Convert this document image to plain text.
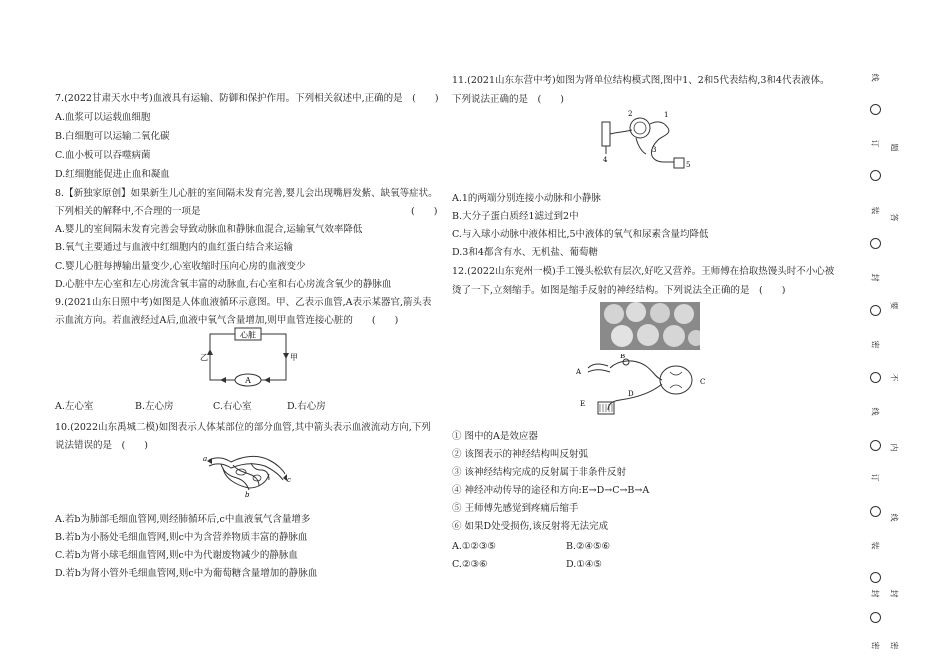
7.(2022甘肃天水中考)血液具有运输、防御和保护作用。下列相关叙述中,正确的是　(　　)
A.血浆可以运载血细胞
B.白细胞可以运输二氧化碳
C.血小板可以吞噬病菌
D.红细胞能促进止血和凝血
8.【新独家原创】如果新生儿心脏的室间隔未发育完善,婴儿会出现嘴唇发紫、缺氧等症状。
下列相关的解释中,不合理的一项是	(　　)
A.婴儿的室间隔未发育完善会导致动脉血和静脉血混合,运输氧气效率降低
B.氧气主要通过与血液中红细胞内的血红蛋白结合来运输
C.婴儿心脏每搏输出量变少,心室收缩时压向心房的血液变少
D.心脏中左心室和左心房流含氧丰富的动脉血,右心室和右心房流含氧少的静脉血
9.(2021山东日照中考)如图是人体血液循环示意图。甲、乙表示血管,A表示某器官,箭头表
示血流方向。若血液经过A后,血液中氧气含量增加,则甲血管连接心脏的　　(　　)
心脏
A
乙	甲
A.左心室	B.左心房	C.右心室	D.右心房
10.(2022山东禹城二模)如图表示人体某部位的部分血管,其中箭头表示血液流动方向,下列
说法错误的是　(　　)
a
b
c
A.若b为肺部毛细血管网,则经肺循环后,c中血液氧气含量增多
B.若b为小肠处毛细血管网,则c中为含营养物质丰富的静脉血
C.若b为肾小球毛细血管网,则c中为代谢废物减少的静脉血
D.若b为肾小管外毛细血管网,则c中为葡萄糖含量增加的静脉血
11.(2021山东东营中考)如图为肾单位结构模式图,图中1、2和5代表结构,3和4代表液体。
下列说法正确的是　(　　)
1
2
3
4
5
A.1的两端分别连接小动脉和小静脉
B.大分子蛋白质经1滤过到2中
C.与入球小动脉中液体相比,5中液体的氧气和尿素含量均降低
D.3和4都含有水、无机盐、葡萄糖
12.(2022山东兖州一模)手工馒头松软有层次,好吃又营养。王师傅在拾取热馒头时不小心被
烫了一下,立刻缩手。如图是缩手反射的神经结构。下列说法全正确的是　(　　)
A
B
C
D
E
① 图中的A是效应器
② 该图表示的神经结构叫反射弧
③ 该神经结构完成的反射属于非条件反射
④ 神经冲动传导的途径和方向:E→D→C→B→A
⑤ 王师傅先感觉到疼痛后缩手
⑥ 如果D处受损伤,该反射将无法完成
A.①②③⑤	B.②④⑤⑥
C.②③⑥	D.①④⑤
线
订
装
封
密
线
订
装
封
密
题
答
要
不
内
线
封
密
